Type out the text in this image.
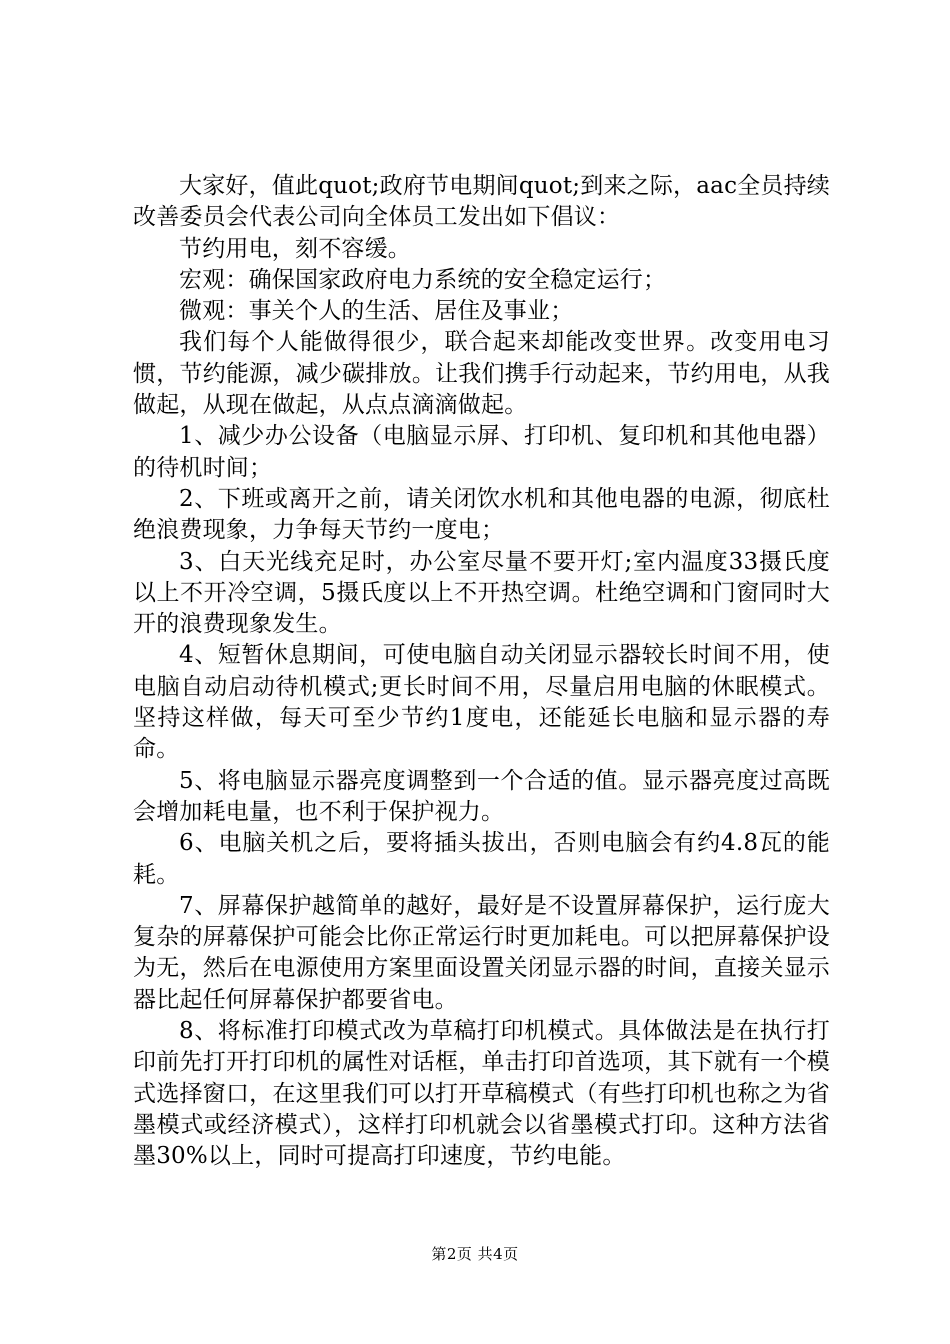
大家好，值此quot;政府节电期间quot;到来之际，aac全员持续改善委员会代表公司向全体员工发出如下倡议：

节约用电，刻不容缓。

宏观：确保国家政府电力系统的安全稳定运行；

微观：事关个人的生活、居住及事业；

我们每个人能做得很少，联合起来却能改变世界。改变用电习惯，节约能源，减少碳排放。让我们携手行动起来，节约用电，从我做起，从现在做起，从点点滴滴做起。

1、减少办公设备（电脑显示屏、打印机、复印机和其他电器）的待机时间；

2、下班或离开之前，请关闭饮水机和其他电器的电源，彻底杜绝浪费现象，力争每天节约一度电；

3、白天光线充足时，办公室尽量不要开灯;室内温度33摄氏度以上不开冷空调，5摄氏度以上不开热空调。杜绝空调和门窗同时大开的浪费现象发生。

4、短暂休息期间，可使电脑自动关闭显示器较长时间不用，使电脑自动启动待机模式;更长时间不用，尽量启用电脑的休眠模式。坚持这样做，每天可至少节约1度电，还能延长电脑和显示器的寿命。

5、将电脑显示器亮度调整到一个合适的值。显示器亮度过高既会增加耗电量，也不利于保护视力。

6、电脑关机之后，要将插头拔出，否则电脑会有约4.8瓦的能耗。

7、屏幕保护越简单的越好，最好是不设置屏幕保护，运行庞大复杂的屏幕保护可能会比你正常运行时更加耗电。可以把屏幕保护设为无，然后在电源使用方案里面设置关闭显示器的时间，直接关显示器比起任何屏幕保护都要省电。

8、将标准打印模式改为草稿打印机模式。具体做法是在执行打印前先打开打印机的属性对话框，单击打印首选项，其下就有一个模式选择窗口，在这里我们可以打开草稿模式（有些打印机也称之为省墨模式或经济模式），这样打印机就会以省墨模式打印。这种方法省墨30%以上，同时可提高打印速度，节约电能。

第2页 共4页
